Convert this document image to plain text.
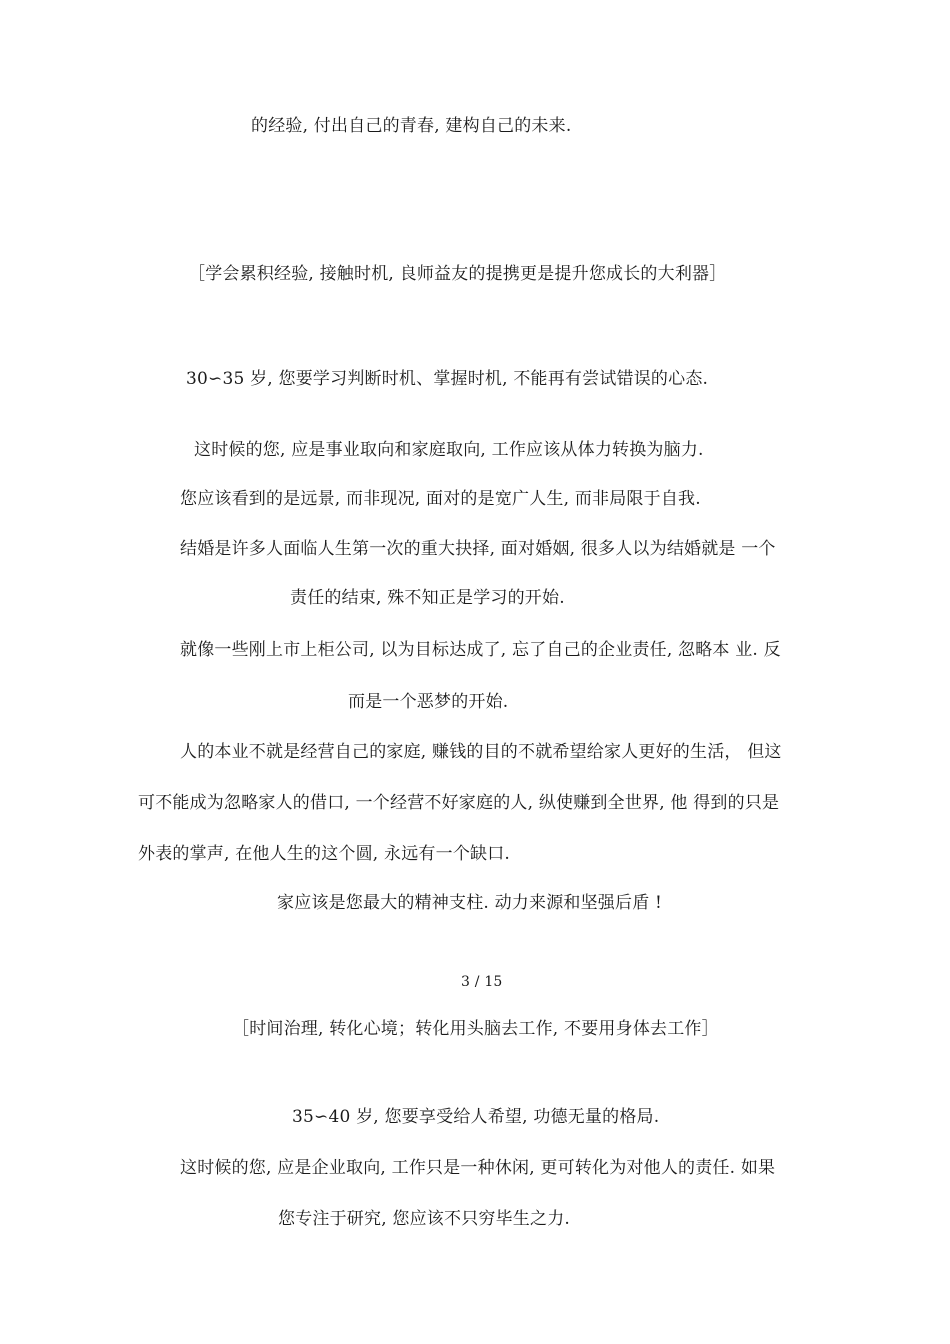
的经验, 付出自己的青春, 建构自己的未来.
［学会累积经验, 接触时机, 良师益友的提携更是提升您成长的大利器］
30∽35 岁, 您要学习判断时机、掌握时机, 不能再有尝试错误的心态.
这时候的您, 应是事业取向和家庭取向, 工作应该从体力转换为脑力.
您应该看到的是远景, 而非现况, 面对的是宽广人生, 而非局限于自我.
结婚是许多人面临人生第一次的重大抉择, 面对婚姻, 很多人以为结婚就是 一个
责任的结束, 殊不知正是学习的开始.
就像一些刚上市上柜公司, 以为目标达成了, 忘了自己的企业责任, 忽略本 业. 反
而是一个恶梦的开始.
人的本业不就是经营自己的家庭, 赚钱的目的不就希望给家人更好的生活， 但这
可不能成为忽略家人的借口, 一个经营不好家庭的人, 纵使赚到全世界, 他 得到的只是
外表的掌声, 在他人生的这个圆, 永远有一个缺口.
家应该是您最大的精神支柱. 动力来源和坚强后盾 !
3 / 15
［时间治理, 转化心境；转化用头脑去工作, 不要用身体去工作］
35∽40 岁, 您要享受给人希望, 功德无量的格局.
这时候的您, 应是企业取向, 工作只是一种休闲, 更可转化为对他人的责任. 如果
您专注于研究, 您应该不只穷毕生之力.
